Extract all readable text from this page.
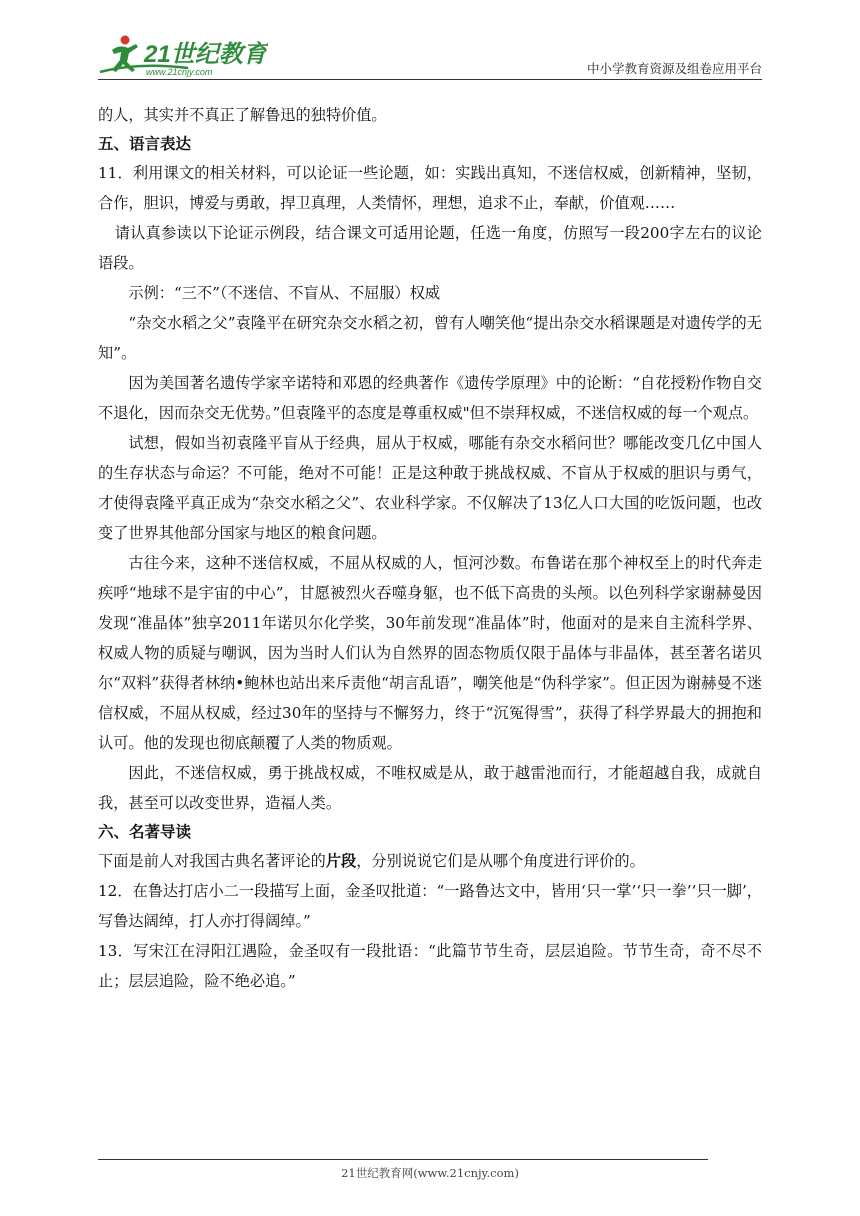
21世纪教育
www.21cnjy.com	中小学教育资源及组卷应用平台

的人，其实并不真正了解鲁迅的独特价值。

五、语言表达

11．利用课文的相关材料，可以论证一些论题，如：实践出真知，不迷信权威，创新精神，坚韧，合作，胆识，博爱与勇敢，捍卫真理，人类情怀，理想，追求不止，奉献，价值观……

请认真参读以下论证示例段，结合课文可适用论题，任选一角度，仿照写一段200字左右的议论语段。

示例：“三不”（不迷信、不盲从、不屈服）权威

“杂交水稻之父”袁隆平在研究杂交水稻之初，曾有人嘲笑他“提出杂交水稻课题是对遗传学的无知”。

因为美国著名遗传学家辛诺特和邓恩的经典著作《遗传学原理》中的论断：“自花授粉作物自交不退化，因而杂交无优势。”但袁隆平的态度是尊重权威"但不崇拜权威，不迷信权威的每一个观点。

试想，假如当初袁隆平盲从于经典，屈从于权威，哪能有杂交水稻问世？哪能改变几亿中国人的生存状态与命运？不可能，绝对不可能！正是这种敢于挑战权威、不盲从于权威的胆识与勇气，才使得袁隆平真正成为“杂交水稻之父”、农业科学家。不仅解决了13亿人口大国的吃饭问题，也改变了世界其他部分国家与地区的粮食问题。

古往今来，这种不迷信权威，不屈从权威的人，恒河沙数。布鲁诺在那个神权至上的时代奔走疾呼“地球不是宇宙的中心”，甘愿被烈火吞噬身躯，也不低下高贵的头颅。以色列科学家谢赫曼因发现“准晶体”独享2011年诺贝尔化学奖，30年前发现“准晶体”时，他面对的是来自主流科学界、权威人物的质疑与嘲讽，因为当时人们认为自然界的固态物质仅限于晶体与非晶体，甚至著名诺贝尔“双料”获得者林纳•鲍林也站出来斥责他“胡言乱语”，嘲笑他是“伪科学家”。但正因为谢赫曼不迷信权威，不屈从权威，经过30年的坚持与不懈努力，终于“沉冤得雪”，获得了科学界最大的拥抱和认可。他的发现也彻底颠覆了人类的物质观。

因此，不迷信权威，勇于挑战权威，不唯权威是从，敢于越雷池而行，才能超越自我，成就自我，甚至可以改变世界，造福人类。

六、名著导读

下面是前人对我国古典名著评论的片段，分别说说它们是从哪个角度进行评价的。

12．在鲁达打店小二一段描写上面，金圣叹批道：“一路鲁达文中，皆用‘只一掌’‘只一拳’‘只一脚’，写鲁达阔绰，打人亦打得阔绰。”

13．写宋江在浔阳江遇险，金圣叹有一段批语：“此篇节节生奇，层层追险。节节生奇，奇不尽不止；层层追险，险不绝必追。”

21世纪教育网(www.21cnjy.com)
